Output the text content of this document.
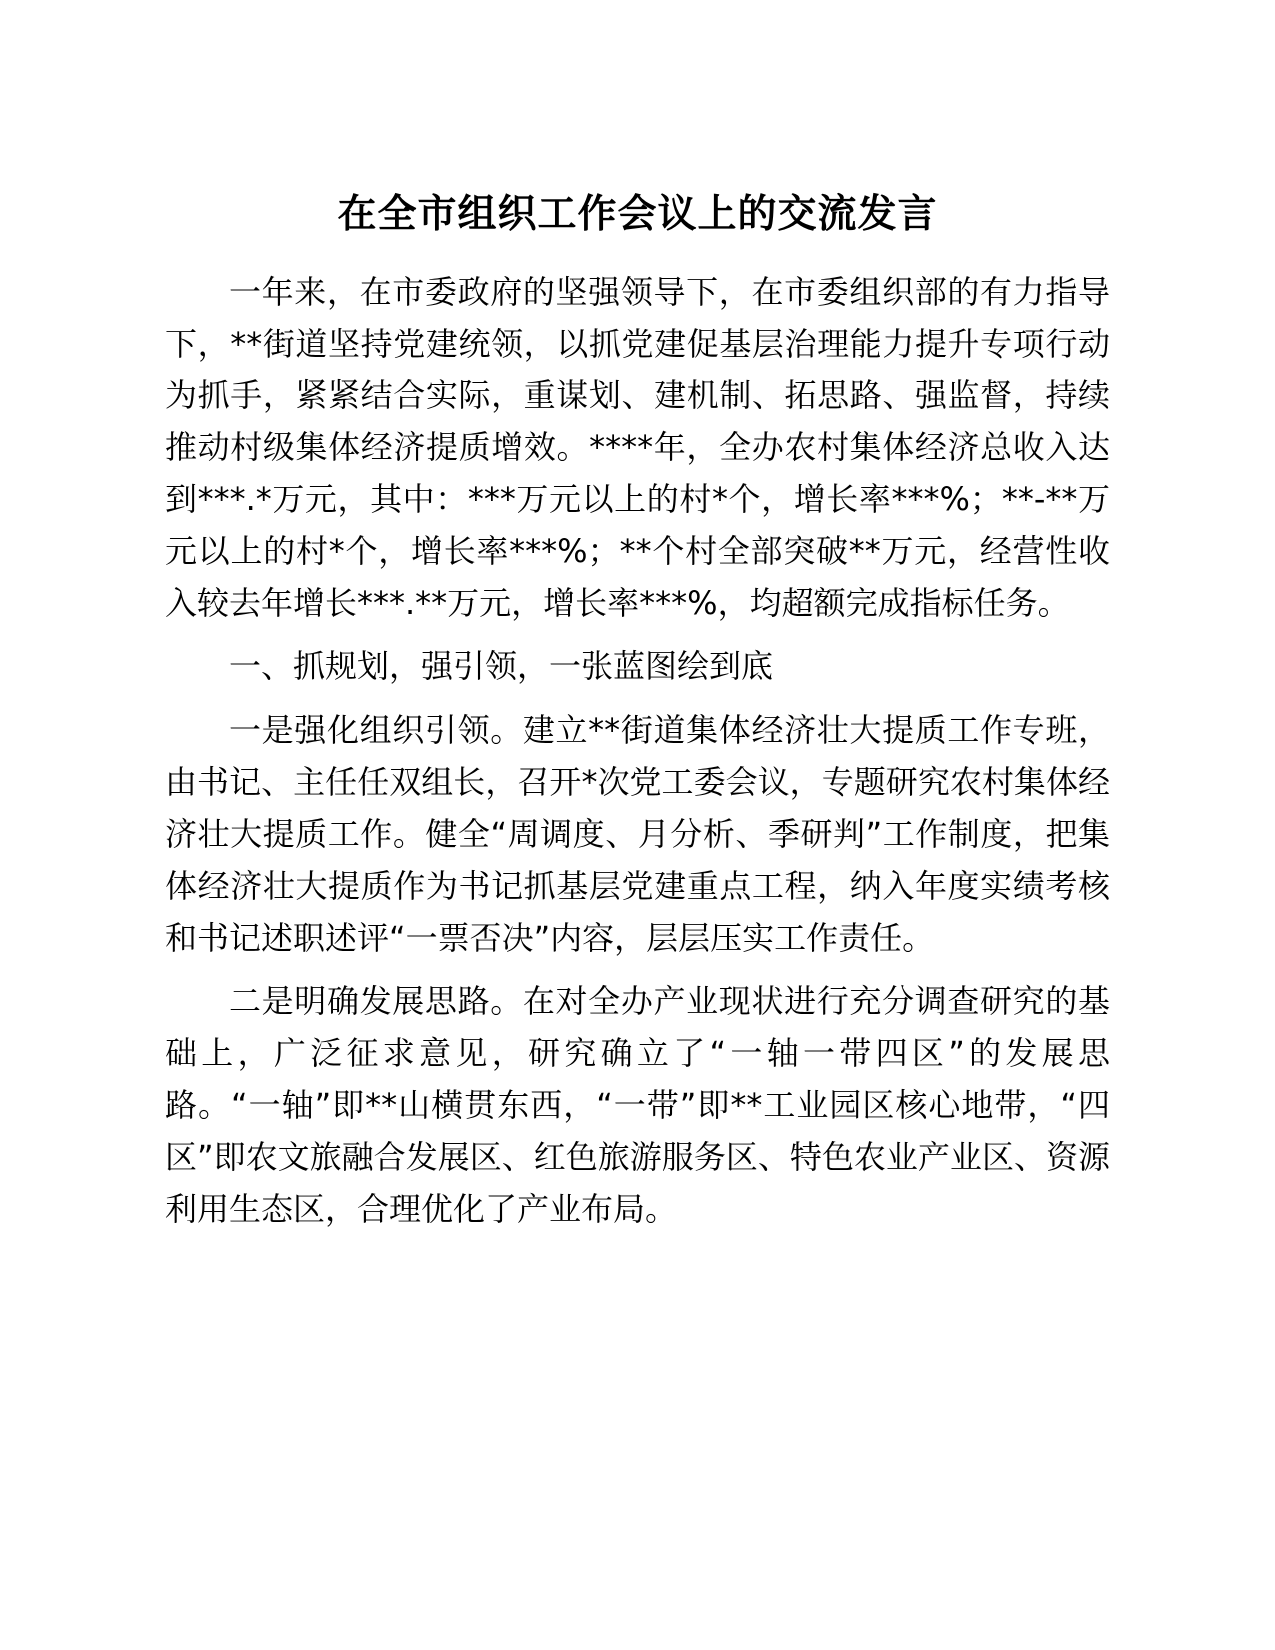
在全市组织工作会议上的交流发言

一年来，在市委政府的坚强领导下，在市委组织部的有力指导下，**街道坚持党建统领，以抓党建促基层治理能力提升专项行动为抓手，紧紧结合实际，重谋划、建机制、拓思路、强监督，持续推动村级集体经济提质增效。****年，全办农村集体经济总收入达到***.*万元，其中：***万元以上的村*个，增长率***%；**-**万元以上的村*个，增长率***%；**个村全部突破**万元，经营性收入较去年增长***.**万元，增长率***%，均超额完成指标任务。

一、抓规划，强引领，一张蓝图绘到底

一是强化组织引领。建立**街道集体经济壮大提质工作专班，由书记、主任任双组长，召开*次党工委会议，专题研究农村集体经济壮大提质工作。健全“周调度、月分析、季研判”工作制度，把集体经济壮大提质作为书记抓基层党建重点工程，纳入年度实绩考核和书记述职述评“一票否决”内容，层层压实工作责任。

二是明确发展思路。在对全办产业现状进行充分调查研究的基础上，广泛征求意见，研究确立了“一轴一带四区”的发展思路。“一轴”即**山横贯东西，“一带”即**工业园区核心地带，“四区”即农文旅融合发展区、红色旅游服务区、特色农业产业区、资源利用生态区，合理优化了产业布局。
